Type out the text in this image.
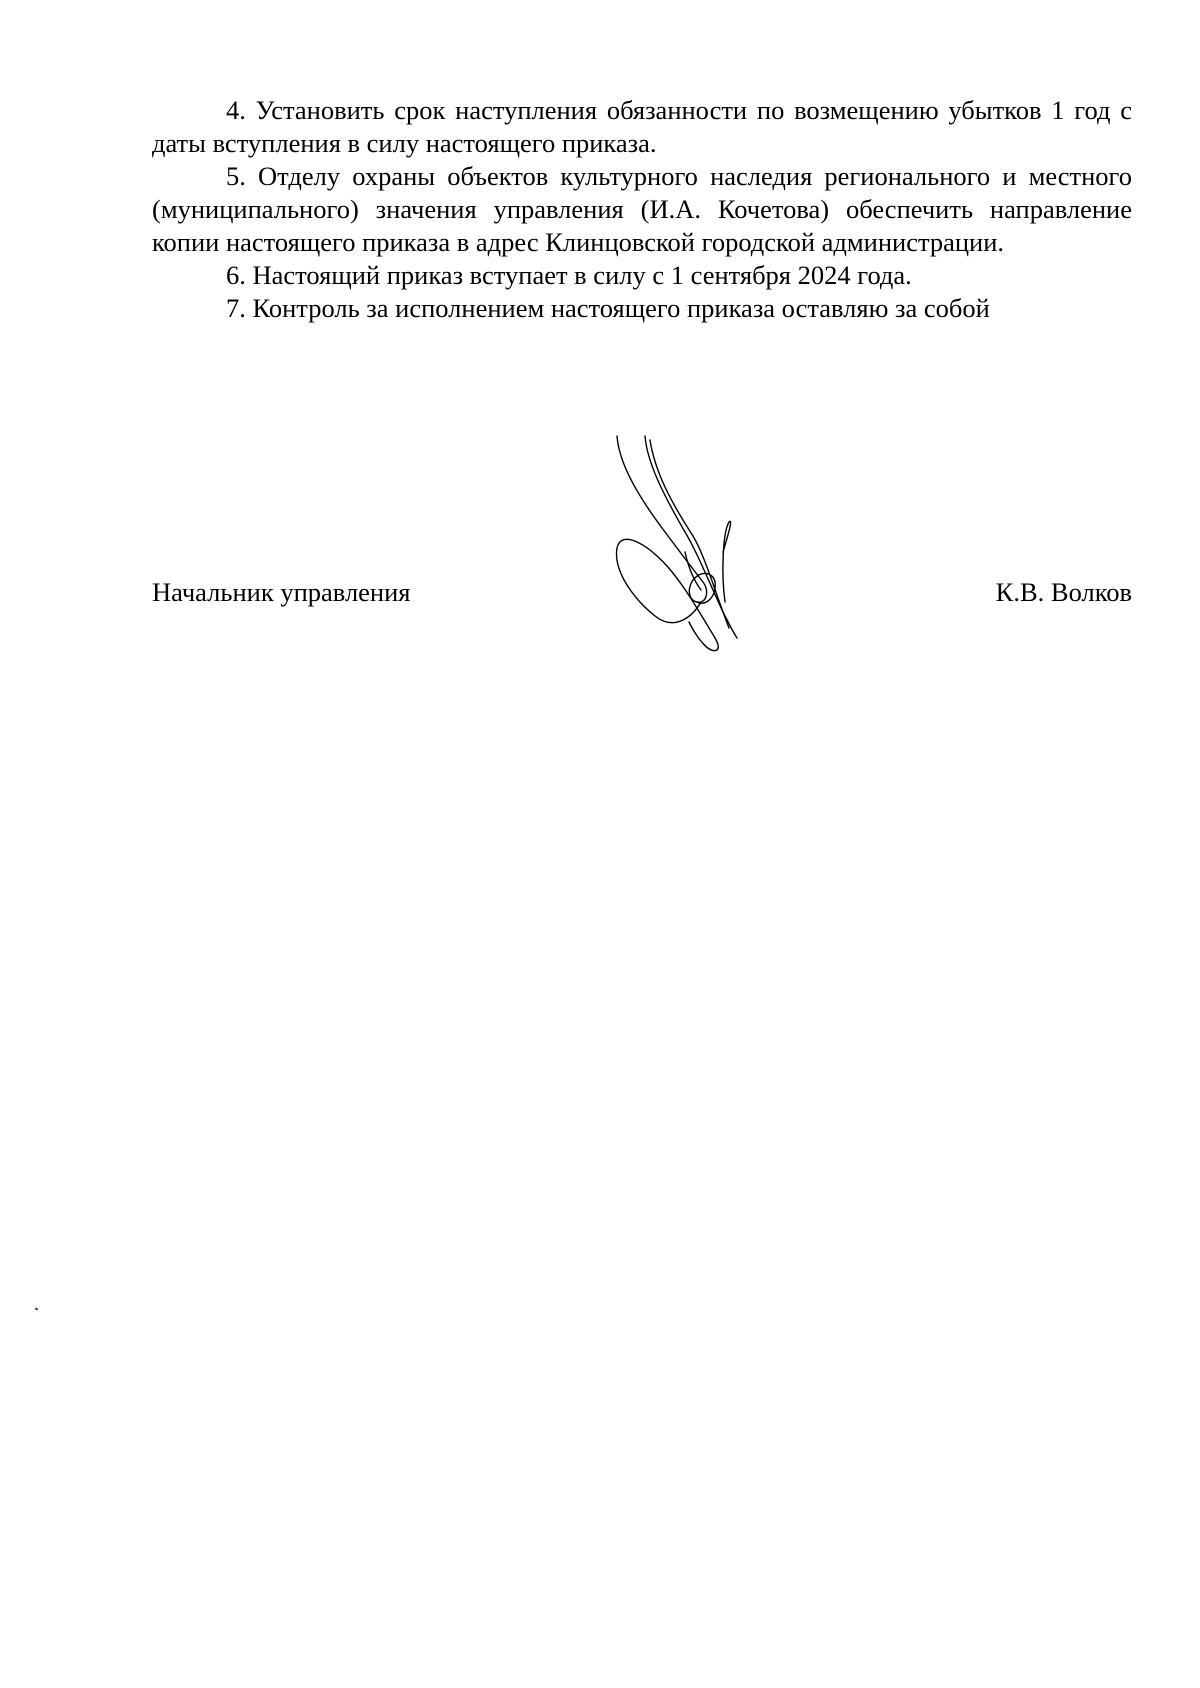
4. Установить срок наступления обязанности по возмещению убытков 1 год с даты вступления в силу настоящего приказа.

5. Отделу охраны объектов культурного наследия регионального и местного (муниципального) значения управления (И.А. Кочетова) обеспечить направление копии настоящего приказа в адрес Клинцовской городской администрации.

6. Настоящий приказ вступает в силу с 1 сентября 2024 года.

7. Контроль за исполнением настоящего приказа оставляю за собой

Начальник управления	К.В. Волков
